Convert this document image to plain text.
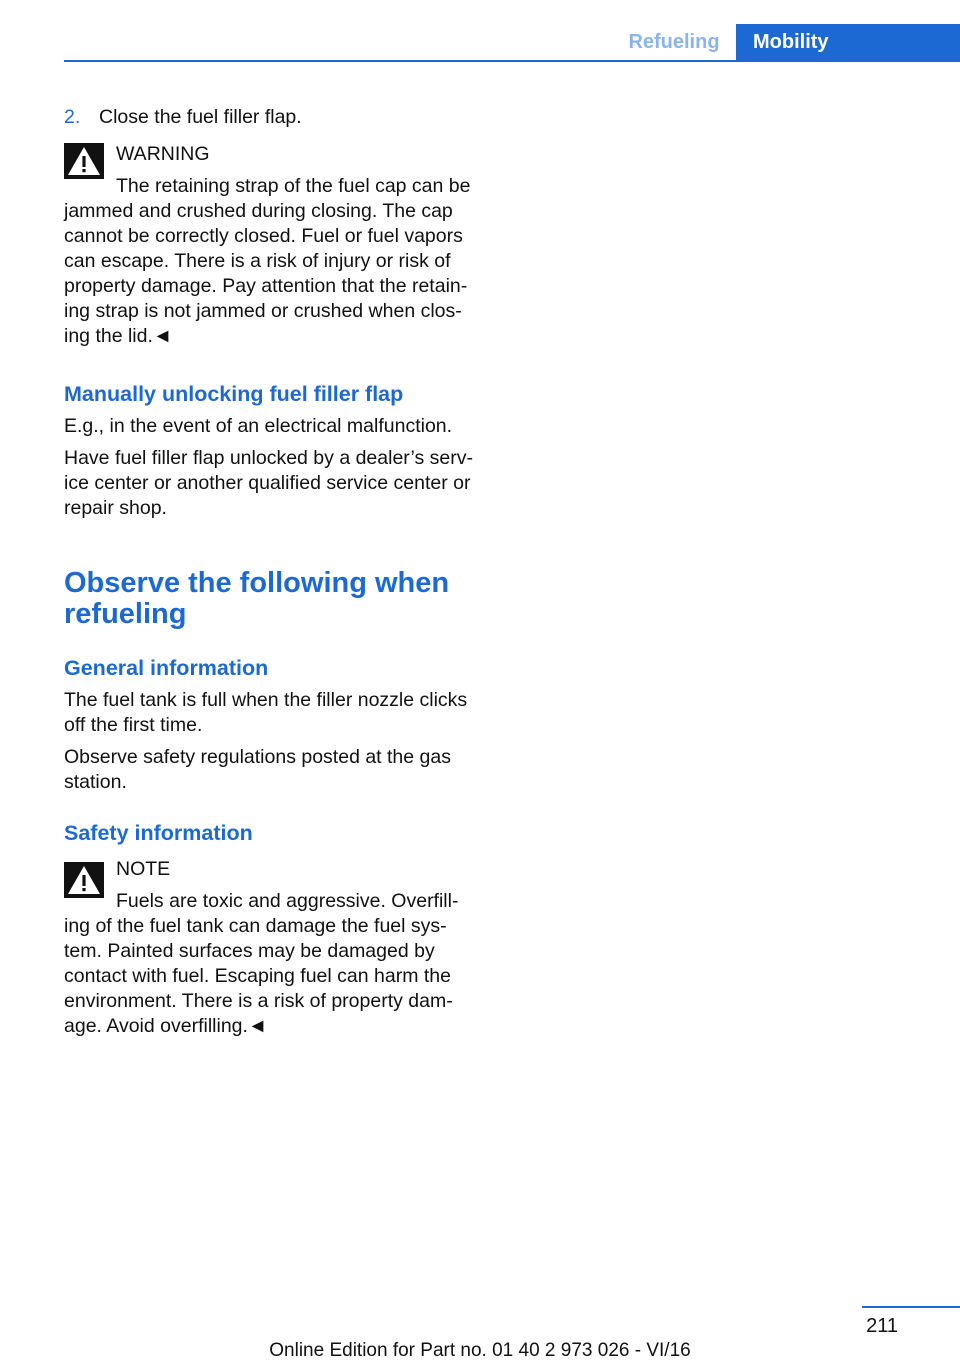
Refueling	Mobility
2. Close the fuel filler flap.
WARNING
The retaining strap of the fuel cap can be
jammed and crushed during closing. The cap
cannot be correctly closed. Fuel or fuel vapors
can escape. There is a risk of injury or risk of
property damage. Pay attention that the retain-
ing strap is not jammed or crushed when clos-
ing the lid.◄
Manually unlocking fuel filler flap
E.g., in the event of an electrical malfunction.
Have fuel filler flap unlocked by a dealer’s serv-
ice center or another qualified service center or
repair shop.
Observe the following when
refueling
General information
The fuel tank is full when the filler nozzle clicks
off the first time.
Observe safety regulations posted at the gas
station.
Safety information
NOTE
Fuels are toxic and aggressive. Overfill-
ing of the fuel tank can damage the fuel sys-
tem. Painted surfaces may be damaged by
contact with fuel. Escaping fuel can harm the
environment. There is a risk of property dam-
age. Avoid overfilling.◄
211
Online Edition for Part no. 01 40 2 973 026 - VI/16
